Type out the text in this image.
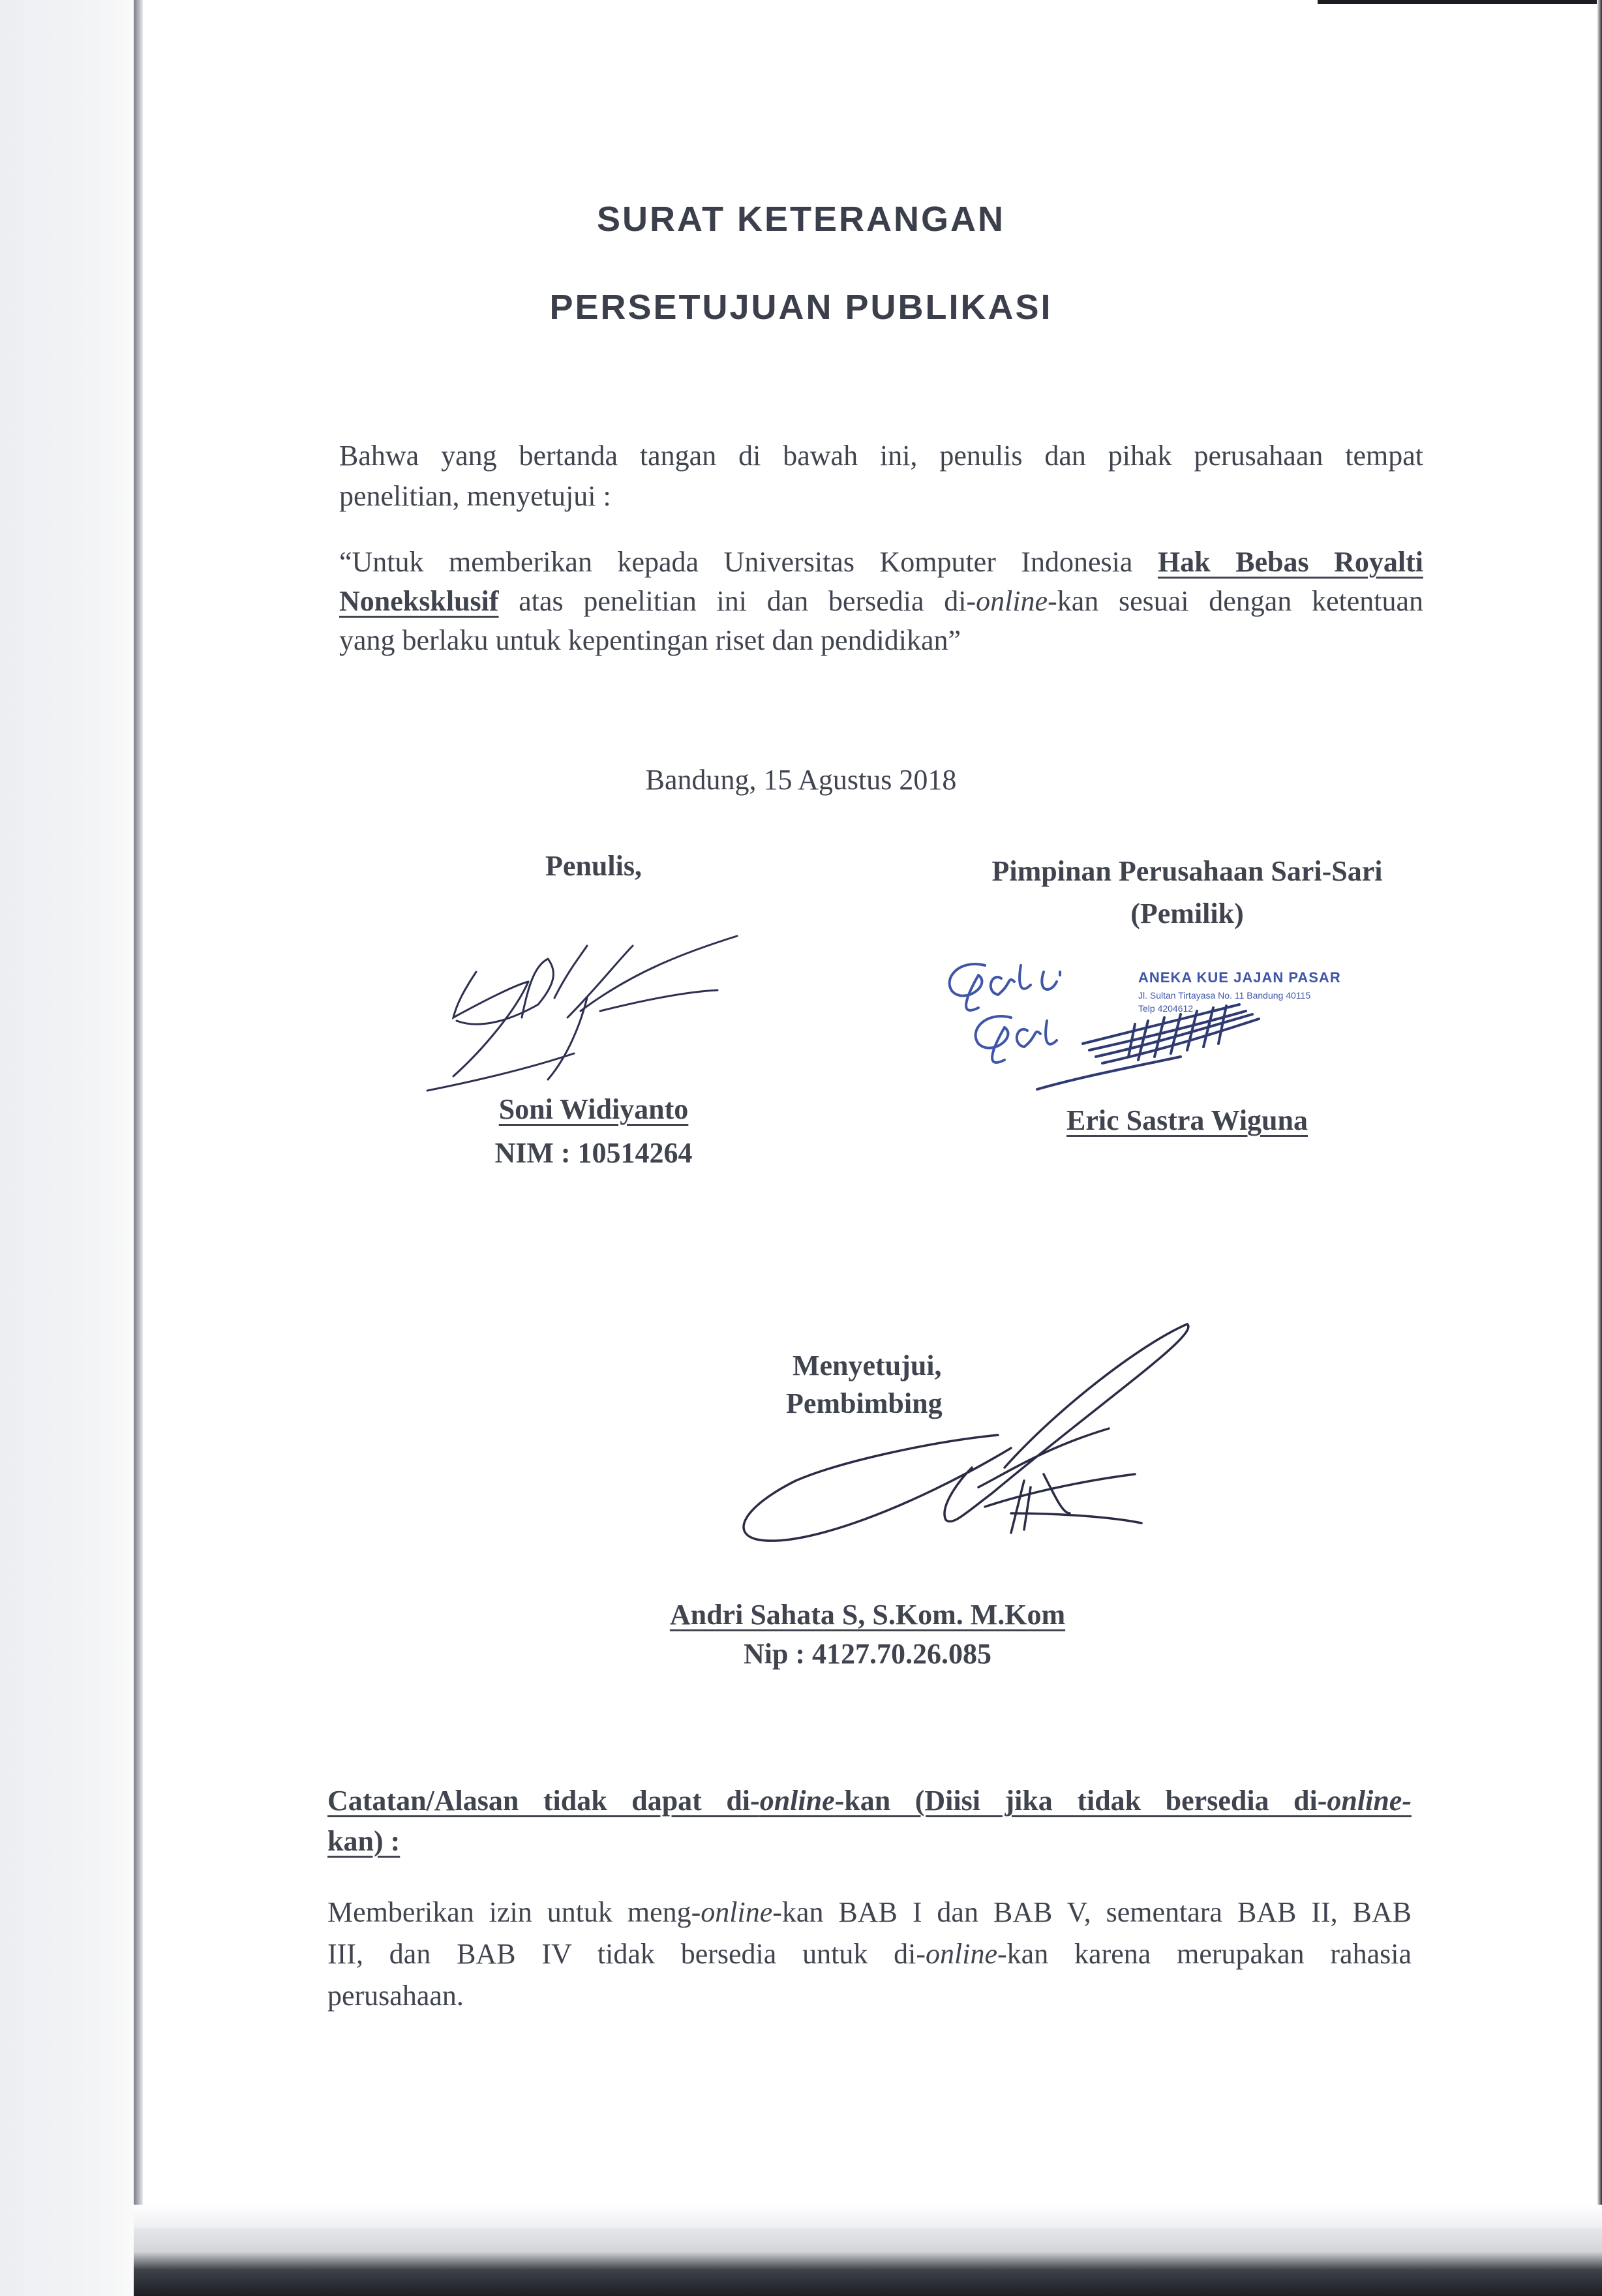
SURAT KETERANGAN
PERSETUJUAN PUBLIKASI
Bahwa yang bertanda tangan di bawah ini, penulis dan pihak perusahaan tempat
penelitian, menyetujui :
“Untuk memberikan kepada Universitas Komputer Indonesia Hak Bebas Royalti
Noneksklusif atas penelitian ini dan bersedia di-online-kan sesuai dengan ketentuan
yang berlaku untuk kepentingan riset dan pendidikan”
Bandung, 15 Agustus 2018
Penulis,
Soni Widiyanto
NIM : 10514264
Pimpinan Perusahaan Sari-Sari
(Pemilik)
ANEKA KUE JAJAN PASAR
Jl. Sultan Tirtayasa No. 11 Bandung 40115
Telp 4204612
Eric Sastra Wiguna
Menyetujui,
Pembimbing
Andri Sahata S, S.Kom. M.Kom
Nip : 4127.70.26.085
Catatan/Alasan tidak dapat di-online-kan (Diisi jika tidak bersedia di-online-
kan) :
Memberikan izin untuk meng-online-kan BAB I dan BAB V, sementara BAB II, BAB
III, dan BAB IV tidak bersedia untuk di-online-kan karena merupakan rahasia
perusahaan.
